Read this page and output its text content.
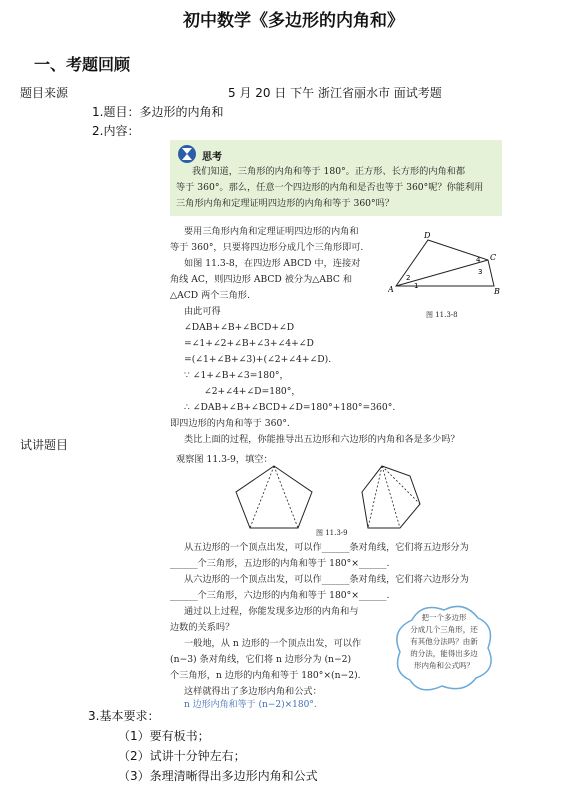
初中数学《多边形的内角和》
一、考题回顾
题目来源	5 月 20 日 下午 浙江省丽水市 面试考题
1.题目：多边形的内角和
2.内容：
试讲题目
思考
我们知道，三角形的内角和等于 180°。正方形、长方形的内角和都
等于 360°。那么，任意一个四边形的内角和是否也等于 360°呢？你能利用
三角形内角和定理证明四边形的内角和等于 360°吗？
要用三角形内角和定理证明四边形的内角和
等于 360°，只要将四边形分成几个三角形即可.
如图 11.3-8，在四边形 ABCD 中，连接对
角线 AC，则四边形 ABCD 被分为△ABC 和
△ACD 两个三角形.
由此可得
∠DAB+∠B+∠BCD+∠D
=∠1+∠2+∠B+∠3+∠4+∠D
=(∠1+∠B+∠3)+(∠2+∠4+∠D).
∵ ∠1+∠B+∠3=180°，
∠2+∠4+∠D=180°，
∴ ∠DAB+∠B+∠BCD+∠D=180°+180°=360°.
即四边形的内角和等于 360°.
类比上面的过程，你能推导出五边形和六边形的内角和各是多少吗？
观察图 11.3-9，填空：
D
C
A	B
1
2
3
4
图 11.3-8
图 11.3-9
从五边形的一个顶点出发，可以作______条对角线，它们将五边形分为
______个三角形，五边形的内角和等于 180°×______.
从六边形的一个顶点出发，可以作______条对角线，它们将六边形分为
______个三角形，六边形的内角和等于 180°×______.
通过以上过程，你能发现多边形的内角和与
边数的关系吗？
一般地，从 n 边形的一个顶点出发，可以作
(n−3) 条对角线，它们将 n 边形分为 (n−2)
个三角形，n 边形的内角和等于 180°×(n−2).
这样就得出了多边形内角和公式：
n 边形内角和等于 (n−2)×180°.
把一个多边形
分成几个三角形，还
有其他分法吗？由新
的分法，能得出多边
形内角和公式吗？
3.基本要求：
（1）要有板书；
（2）试讲十分钟左右；
（3）条理清晰得出多边形内角和公式
